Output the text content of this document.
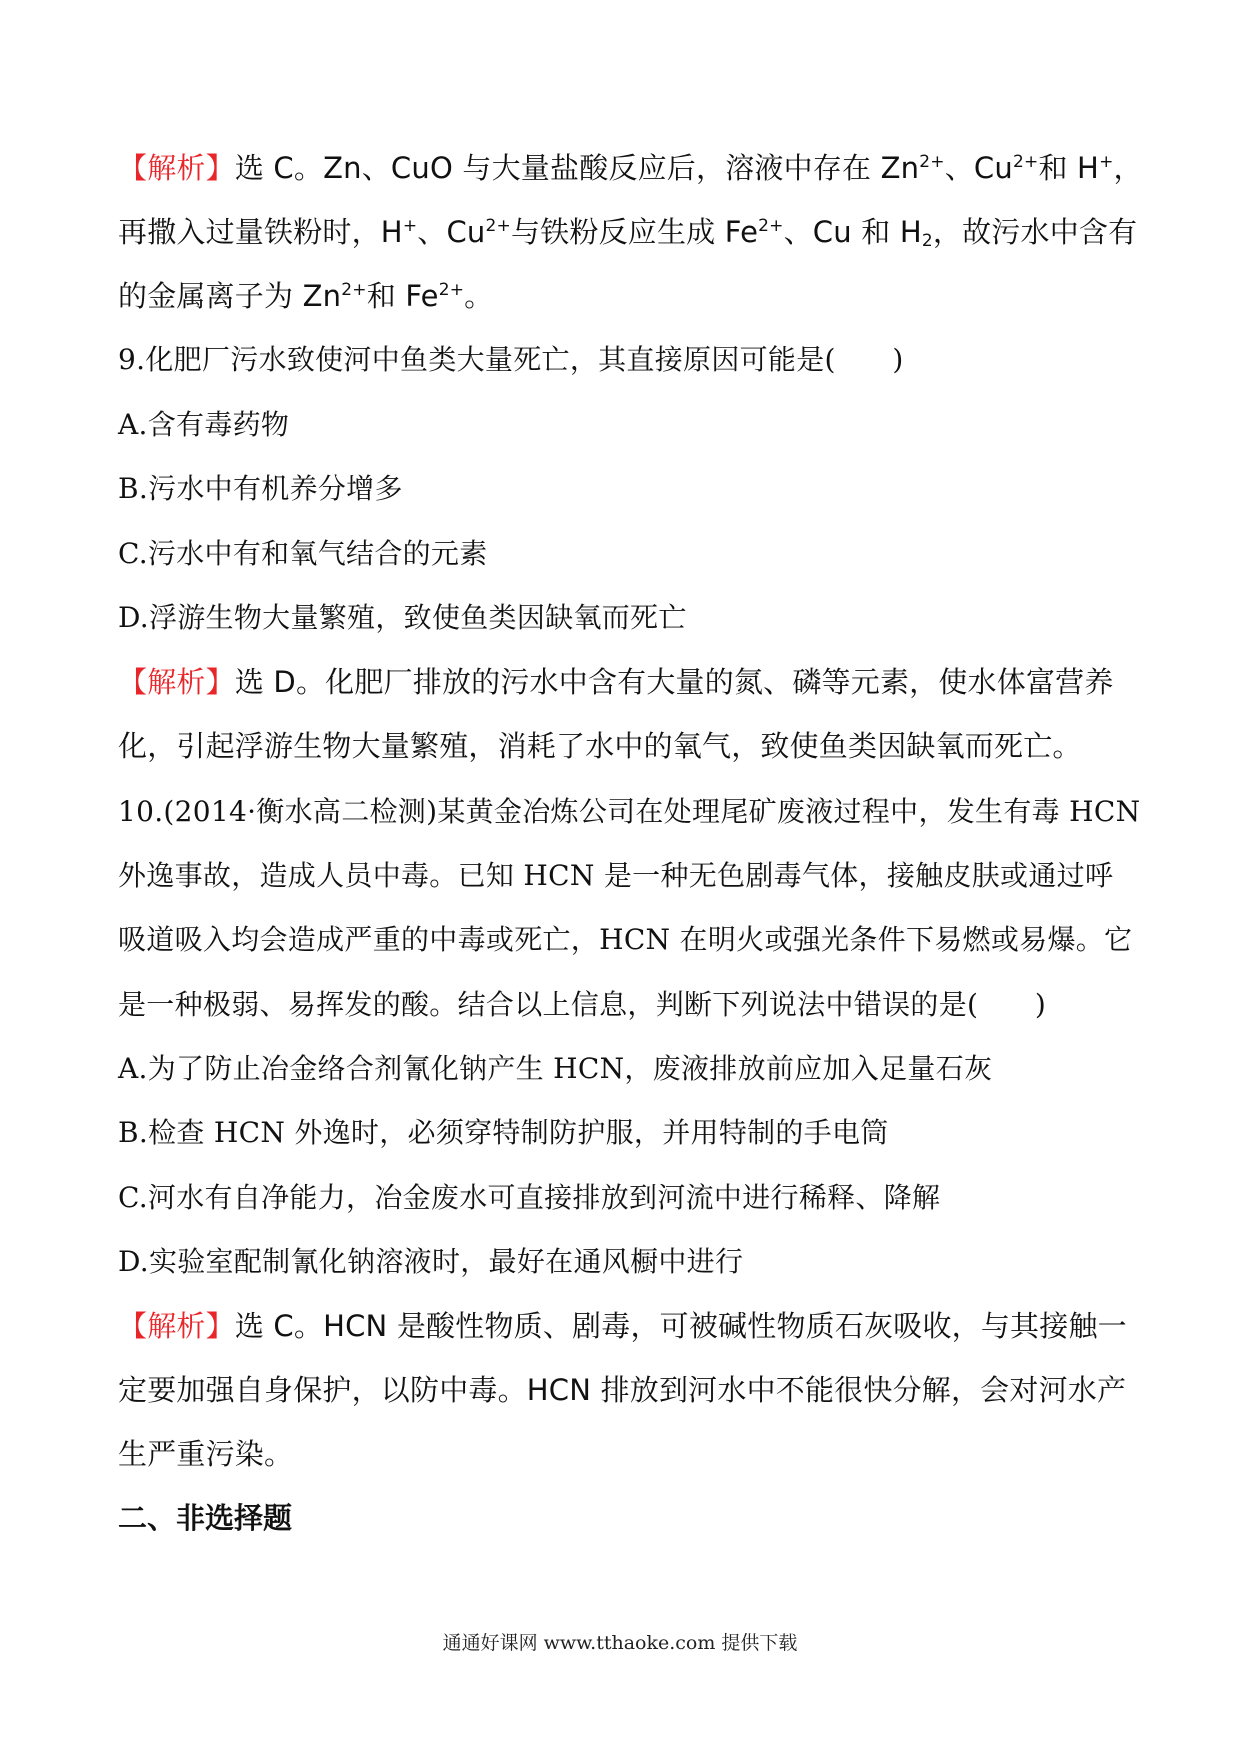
【解析】选 C。Zn、CuO 与大量盐酸反应后，溶液中存在 $Zn^{2+}$、$Cu^{2+}$和 H+，
再撒入过量铁粉时，H+、$Cu^{2+}$与铁粉反应生成 $Fe^{2+}$、Cu 和 $H_2$，故污水中含有
的金属离子为 $Zn^{2+}$和 $Fe^{2+}$。
9.化肥厂污水致使河中鱼类大量死亡，其直接原因可能是(　　)
A.含有毒药物
B.污水中有机养分增多
C.污水中有和氧气结合的元素
D.浮游生物大量繁殖，致使鱼类因缺氧而死亡
【解析】选 D。化肥厂排放的污水中含有大量的氮、磷等元素，使水体富营养
化，引起浮游生物大量繁殖，消耗了水中的氧气，致使鱼类因缺氧而死亡。
10.(2014·衡水高二检测)某黄金冶炼公司在处理尾矿废液过程中，发生有毒 HCN
外逸事故，造成人员中毒。已知 HCN 是一种无色剧毒气体，接触皮肤或通过呼
吸道吸入均会造成严重的中毒或死亡，HCN 在明火或强光条件下易燃或易爆。它
是一种极弱、易挥发的酸。结合以上信息，判断下列说法中错误的是(　　)
A.为了防止冶金络合剂氰化钠产生 HCN，废液排放前应加入足量石灰
B.检查 HCN 外逸时，必须穿特制防护服，并用特制的手电筒
C.河水有自净能力，冶金废水可直接排放到河流中进行稀释、降解
D.实验室配制氰化钠溶液时，最好在通风橱中进行
【解析】选 C。HCN 是酸性物质、剧毒，可被碱性物质石灰吸收，与其接触一
定要加强自身保护，以防中毒。HCN 排放到河水中不能很快分解，会对河水产
生严重污染。
二、非选择题
通通好课网 www.tthaoke.com 提供下载
